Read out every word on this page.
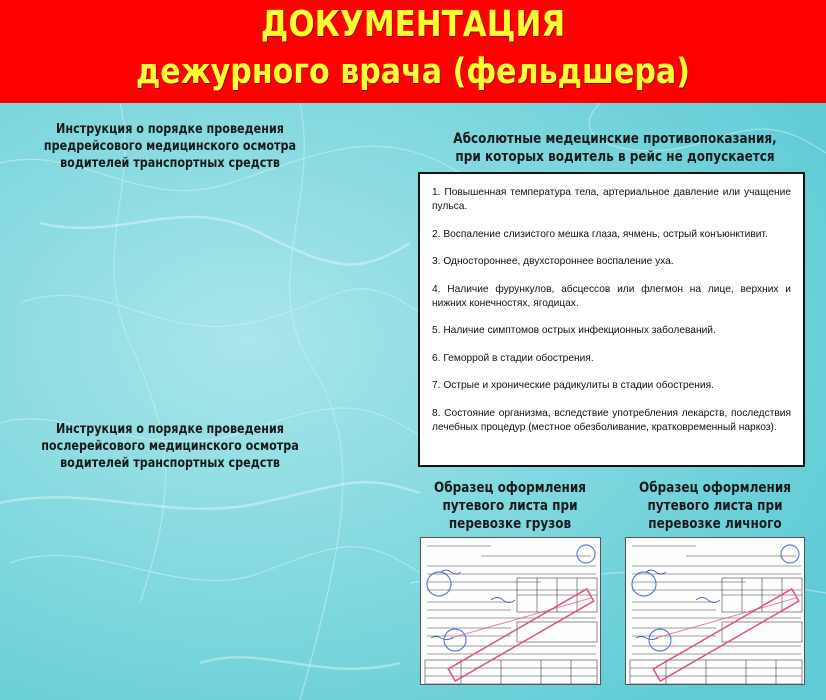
ДОКУМЕНТАЦИЯ
дежурного врача (фельдшера)
Инструкция о порядке проведения
предрейсового медицинского осмотра
водителей транспортных средств
Инструкция о порядке проведения
послерейсового медицинского осмотра
водителей транспортных средств
Абсолютные медецинские противопоказания,
при которых водитель в рейс не допускается

1. Повышенная температура тела, артериальное давление или учащение пульса.

2. Воспаление слизистого мешка глаза, ячмень, острый конъюнктивит.

3. Одностороннее, двухстороннее воспаление уха.

4. Наличие фурункулов, абсцессов или флегмон на лице, верхних и нижних конечностях, ягодицах.

5. Наличие симптомов острых инфекционных заболеваний.

6. Геморрой в стадии обострения.

7. Острые и хронические радикулиты в стадии обострения.

8. Состояние организма, вследствие употребления лекарств, последствия лечебных процедур (местное обезболивание, кратковременный наркоз).

Образец оформления
путевого листа при
перевозке грузов
Образец оформления
путевого листа при
перевозке личного
